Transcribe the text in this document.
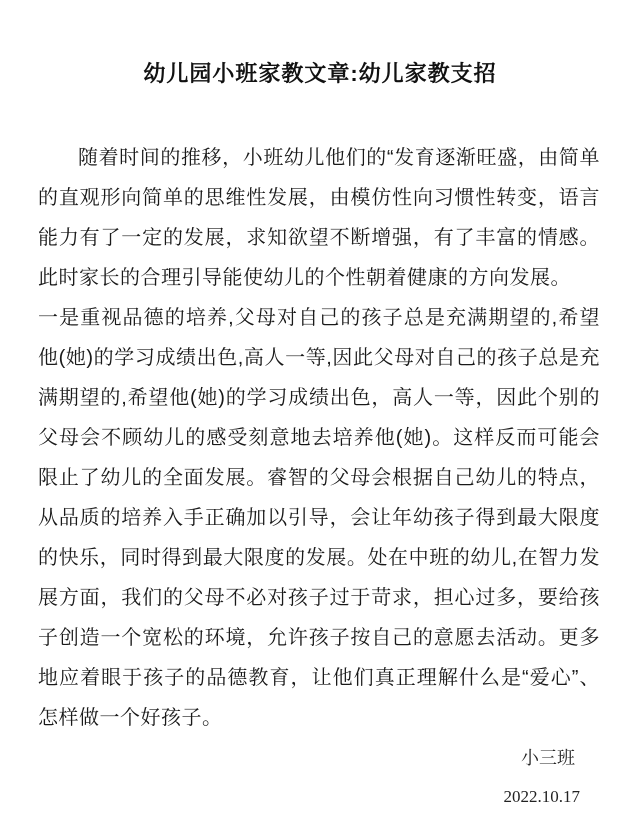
幼儿园小班家教文章:幼儿家教支招

随着时间的推移，小班幼儿他们的“发育逐渐旺盛，由简单的直观形向简单的思维性发展，由模仿性向习惯性转变，语言能力有了一定的发展，求知欲望不断增强，有了丰富的情感。此时家长的合理引导能使幼儿的个性朝着健康的方向发展。

一是重视品德的培养,父母对自己的孩子总是充满期望的,希望他(她)的学习成绩出色,高人一等,因此父母对自己的孩子总是充满期望的,希望他(她)的学习成绩出色，高人一等，因此个别的父母会不顾幼儿的感受刻意地去培养他(她)。这样反而可能会限止了幼儿的全面发展。睿智的父母会根据自己幼儿的特点，从品质的培养入手正确加以引导，会让年幼孩子得到最大限度的快乐，同时得到最大限度的发展。处在中班的幼儿,在智力发展方面，我们的父母不必对孩子过于苛求，担心过多，要给孩子创造一个宽松的环境，允许孩子按自己的意愿去活动。更多地应着眼于孩子的品德教育，让他们真正理解什么是“爱心”、怎样做一个好孩子。

小三班
2022.10.17
